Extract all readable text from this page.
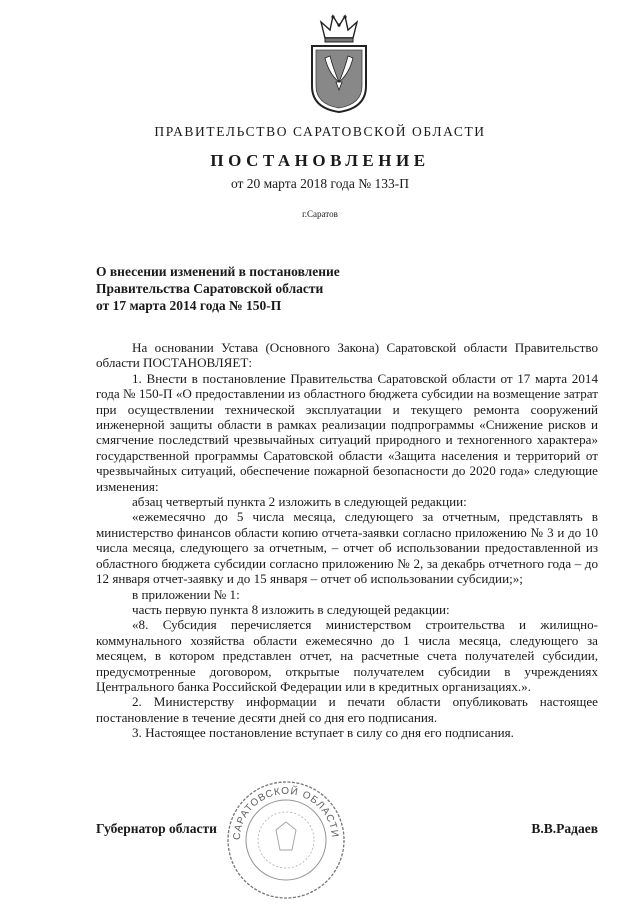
ПРАВИТЕЛЬСТВО САРАТОВСКОЙ ОБЛАСТИ
ПОСТАНОВЛЕНИЕ
от 20 марта 2018 года № 133-П
г.Саратов
О внесении изменений в постановление
Правительства Саратовской области
от 17 марта 2014 года № 150-П

На основании Устава (Основного Закона) Саратовской области Правительство области ПОСТАНОВЛЯЕТ:

1. Внести в постановление Правительства Саратовской области от 17 марта 2014 года № 150-П «О предоставлении из областного бюджета субсидии на возмещение затрат при осуществлении технической эксплуатации и текущего ремонта сооружений инженерной защиты области в рамках реализации подпрограммы «Снижение рисков и смягчение последствий чрезвычайных ситуаций природного и техногенного характера» государственной программы Саратовской области «Защита населения и территорий от чрезвычайных ситуаций, обеспечение пожарной безопасности до 2020 года» следующие изменения:

абзац четвертый пункта 2 изложить в следующей редакции:

«ежемесячно до 5 числа месяца, следующего за отчетным, представлять в министерство финансов области копию отчета-заявки согласно приложению № 3 и до 10 числа месяца, следующего за отчетным, – отчет об использовании предоставленной из областного бюджета субсидии согласно приложению № 2, за декабрь отчетного года – до 12 января отчет-заявку и до 15 января – отчет об использовании субсидии;»;

в приложении № 1:

часть первую пункта 8 изложить в следующей редакции:

«8. Субсидия перечисляется министерством строительства и жилищно-коммунального хозяйства области ежемесячно до 1 числа месяца, следующего за месяцем, в котором представлен отчет, на расчетные счета получателей субсидии, предусмотренные договором, открытые получателем субсидии в учреждениях Центрального банка Российской Федерации или в кредитных организациях.».

2. Министерству информации и печати области опубликовать настоящее постановление в течение десяти дней со дня его подписания.

3. Настоящее постановление вступает в силу со дня его подписания.

Губернатор области	В.В.Радаев
САРАТОВСКОЙ ОБЛАСТИ
